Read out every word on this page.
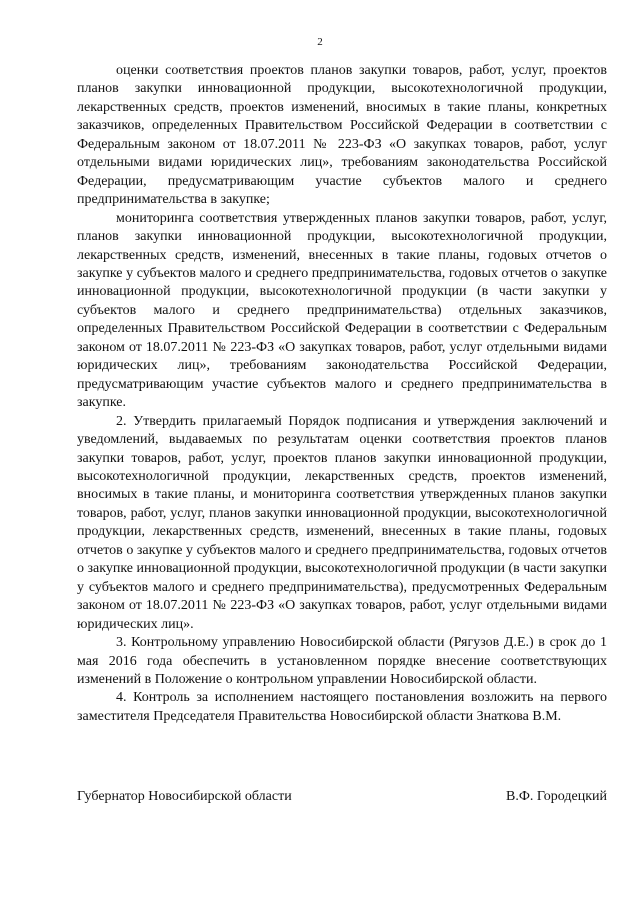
2

оценки соответствия проектов планов закупки товаров, работ, услуг, проектов планов закупки инновационной продукции, высокотехнологичной продукции, лекарственных средств, проектов изменений, вносимых в такие планы, конкретных заказчиков, определенных Правительством Российской Федерации в соответствии с Федеральным законом от 18.07.2011 № 223-ФЗ «О закупках товаров, работ, услуг отдельными видами юридических лиц», требованиям законодательства Российской Федерации, предусматривающим участие субъектов малого и среднего предпринимательства в закупке;

мониторинга соответствия утвержденных планов закупки товаров, работ, услуг, планов закупки инновационной продукции, высокотехнологичной продукции, лекарственных средств, изменений, внесенных в такие планы, годовых отчетов о закупке у субъектов малого и среднего предпринимательства, годовых отчетов о закупке инновационной продукции, высокотехнологичной продукции (в части закупки у субъектов малого и среднего предпринимательства) отдельных заказчиков, определенных Правительством Российской Федерации в соответствии с Федеральным законом от 18.07.2011 № 223-ФЗ «О закупках товаров, работ, услуг отдельными видами юридических лиц», требованиям законодательства Российской Федерации, предусматривающим участие субъектов малого и среднего предпринимательства в закупке.

2. Утвердить прилагаемый Порядок подписания и утверждения заключений и уведомлений, выдаваемых по результатам оценки соответствия проектов планов закупки товаров, работ, услуг, проектов планов закупки инновационной продукции, высокотехнологичной продукции, лекарственных средств, проектов изменений, вносимых в такие планы, и мониторинга соответствия утвержденных планов закупки товаров, работ, услуг, планов закупки инновационной продукции, высокотехнологичной продукции, лекарственных средств, изменений, внесенных в такие планы, годовых отчетов о закупке у субъектов малого и среднего предпринимательства, годовых отчетов о закупке инновационной продукции, высокотехнологичной продукции (в части закупки у субъектов малого и среднего предпринимательства), предусмотренных Федеральным законом от 18.07.2011 № 223-ФЗ «О закупках товаров, работ, услуг отдельными видами юридических лиц».

3. Контрольному управлению Новосибирской области (Рягузов Д.Е.) в срок до 1 мая 2016 года обеспечить в установленном порядке внесение соответствующих изменений в Положение о контрольном управлении Новосибирской области.

4. Контроль за исполнением настоящего постановления возложить на первого заместителя Председателя Правительства Новосибирской области Знаткова В.М.

Губернатор Новосибирской области	В.Ф. Городецкий
